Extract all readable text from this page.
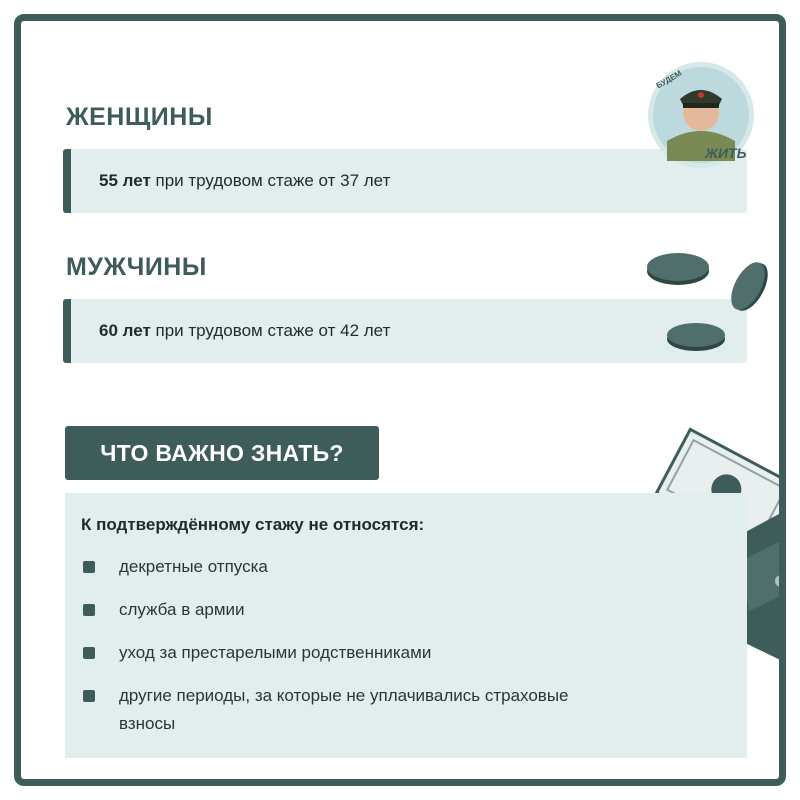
ЖЕНЩИНЫ
55 лет при трудовом стаже от 37 лет
МУЖЧИНЫ
60 лет при трудовом стаже от 42 лет
БУДЕМ
ЖИТЬ
ЧТО ВАЖНО ЗНАТЬ?

К подтверждённому стажу не относятся:

декретные отпуска
служба в армии
уход за престарелыми родственниками
другие периоды, за которые не уплачивались страховые взносы
